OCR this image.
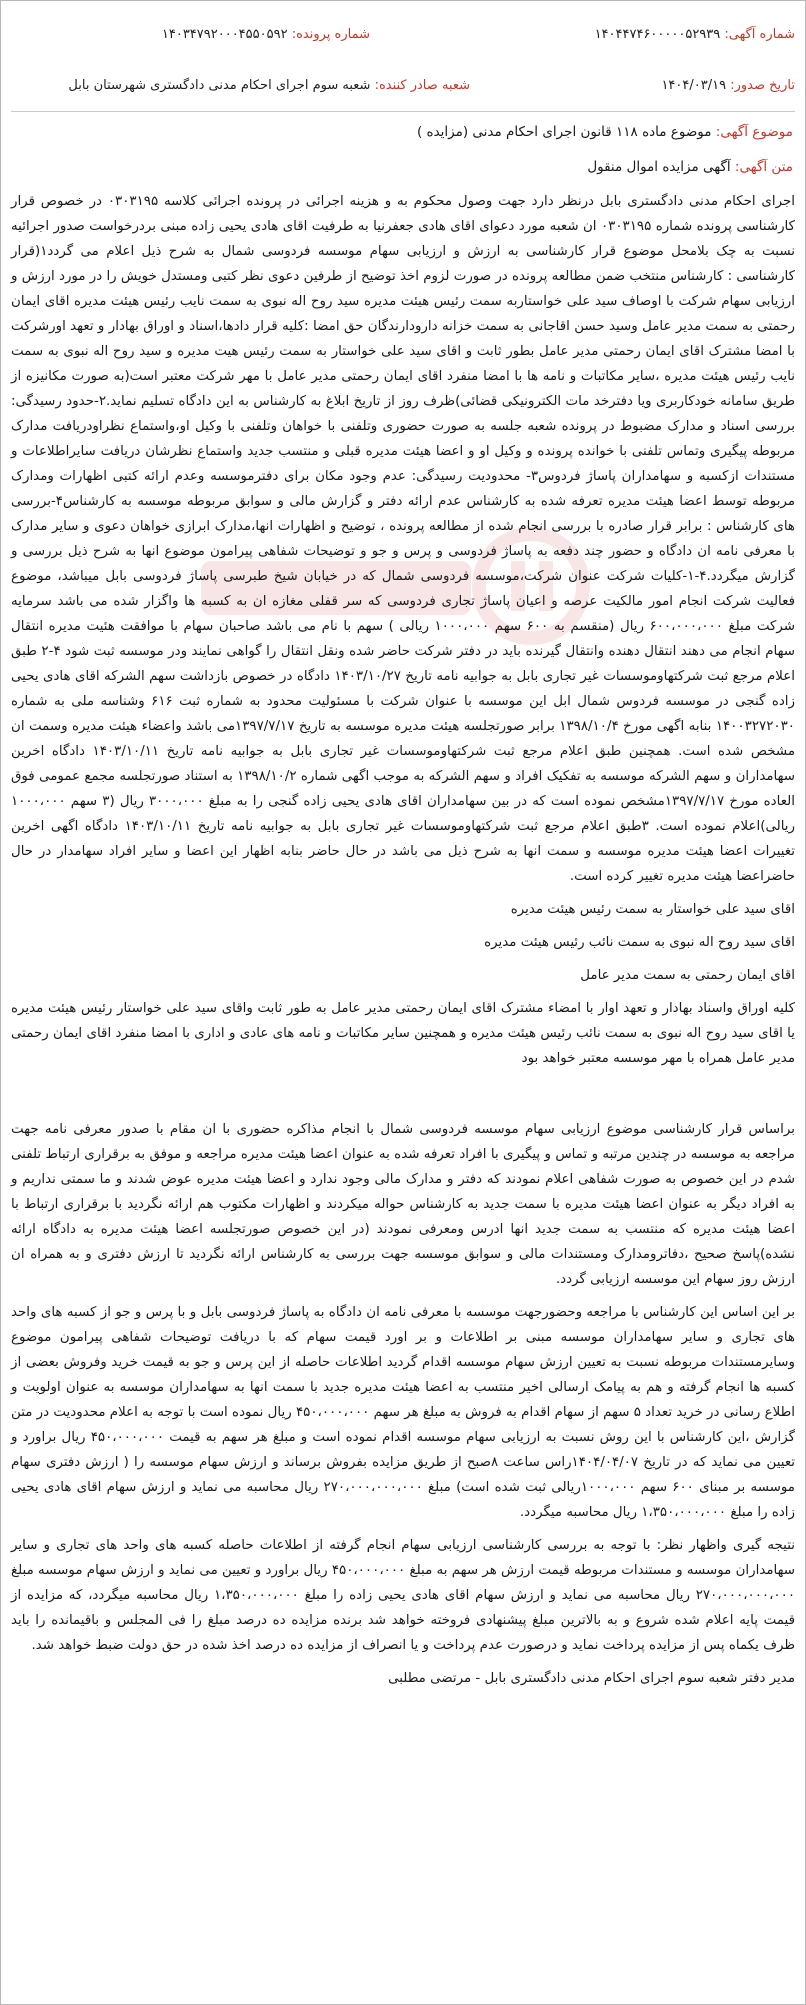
شماره آگهی: ۱۴۰۴۴۷۴۶۰۰۰۰۰۵۲۹۳۹
شماره پرونده: ۱۴۰۳۴۷۹۲۰۰۰۴۵۵۰۵۹۲
تاریخ صدور: ۱۴۰۴/۰۳/۱۹
شعبه صادر کننده: شعبه سوم اجرای احکام مدنی دادگستری شهرستان بابل
موضوع آگهی: موضوع ماده ۱۱۸ قانون اجرای احکام مدنی (مزایده )
متن آگهی: آگهی مزایده اموال منقول

اجرای احکام مدنی دادگستری بابل درنظر دارد جهت وصول محکوم به و هزینه اجرائی در پرونده اجرائی کلاسه ۰۳۰۳۱۹۵ در خصوص قرار کارشناسی پرونده شماره ۰۳۰۳۱۹۵ ان شعبه مورد دعوای اقای هادی جعفرنیا به طرفیت اقای هادی یحیی زاده مبنی بردرخواست صدور اجرائیه نسبت به چک بلامحل موضوع قرار کارشناسی به ارزش و ارزیابی سهام موسسه فردوسی شمال به شرح ذیل اعلام می گردد۱(قرار کارشناسی : کارشناس منتخب ضمن مطالعه پرونده در صورت لزوم اخذ توضیح از طرفین دعوی نظر کتبی ومستدل خویش را در مورد ارزش و ارزیابی سهام شرکت با اوصاف سید علی خواستاربه سمت رئیس هیئت مدیره سید روح اله نبوی به سمت نایب رئیس هیئت مدیره اقای ایمان رحمتی به سمت مدیر عامل وسید حسن اقاجانی به سمت خزانه دارودارندگان حق امضا :کلیه قرار دادها،اسناد و اوراق بهادار و تعهد اورشرکت با امضا مشترک اقای ایمان رحمتی مدیر عامل بطور ثابت و اقای سید علی خواستار به سمت رئیس هیت مدیره و سید روح اله نبوی به سمت نایب رئیس هیئت مدیره ،سایر مکاتبات و نامه ها با امضا منفرد اقای ایمان رحمتی مدیر عامل با مهر شرکت معتبر است(به صورت مکانیزه از طریق سامانه خودکاربری ویا دفترخد مات الکترونیکی قضائی)ظرف روز از تاریخ ابلاغ به کارشناس به این دادگاه تسلیم نماید.۲-حدود رسیدگی: بررسی اسناد و مدارک مضبوط در پرونده شعبه جلسه به صورت حضوری وتلفنی با خواهان وتلفنی با وکیل او،واستماع نظراودریافت مدارک مربوطه پیگیری وتماس تلفنی با خوانده پرونده و وکیل او و اعضا هیئت مدیره قبلی و منتسب جدید واستماع نظرشان دریافت سایراطلاعات و مستندات ازکسبه و سهامداران پاساژ فردوس۳- محدودیت رسیدگی: عدم وجود مکان برای دفترموسسه وعدم ارائه کتبی اظهارات ومدارک مربوطه توسط اعضا هیئت مدیره تعرفه شده به کارشناس عدم ارائه دفتر و گزارش مالی و سوابق مربوطه موسسه به کارشناس۴-بررسی های کارشناس : برابر قرار صادره با بررسی انجام شده از مطالعه پرونده ، توضیح و اظهارات انها،مدارک ابرازی خواهان دعوی و سایر مدارک با معرفی نامه ان دادگاه و حضور چند دفعه به پاساژ فردوسی و پرس و جو و توضیحات شفاهی پیرامون موضوع انها به شرح ذیل بررسی و گزارش میگردد.۴-۱-کلیات شرکت عنوان شرکت،موسسه فردوسی شمال که در خیابان شیخ طبرسی پاساژ فردوسی بابل میباشد، موضوع فعالیت شرکت انجام امور مالکیت عرصه و اعیان پاساژ تجاری فردوسی که سر قفلی مغازه ان به کسبه ها واگزار شده می باشد سرمایه شرکت مبلغ ۶۰۰،۰۰۰،۰۰۰ ریال (منقسم به ۶۰۰ سهم ۱۰۰۰،۰۰۰ ریالی ) سهم با نام می باشد صاحبان سهام با موافقت هئیت مدیره انتقال سهام انجام می دهند انتقال دهنده وانتقال گیرنده باید در دفتر شرکت حاضر شده ونقل انتقال را گواهی نمایند ودر موسسه ثبت شود ۴-۲ طبق اعلام مرجع ثبت شرکتهاوموسسات غیر تجاری بابل به جوابیه نامه تاریخ ۱۴۰۳/۱۰/۲۷ دادگاه در خصوص بازداشت سهم الشرکه اقای هادی یحیی زاده گنجی در موسسه فردوس شمال ابل این موسسه با عنوان شرکت با مسئولیت محدود به شماره ثبت ۶۱۶ وشناسه ملی به شماره ۱۴۰۰۳۲۷۲۰۳۰ بنابه اگهی مورخ ۱۳۹۸/۱۰/۴ برابر صورتجلسه هیئت مدیره موسسه به تاریخ ۱۳۹۷/۷/۱۷می باشد واعضاء هیئت مدیره وسمت ان مشخص شده است. همچنین طبق اعلام مرجع ثبت شرکتهاوموسسات غیر تجاری بابل به جوابیه نامه تاریخ ۱۴۰۳/۱۰/۱۱ دادگاه اخرین سهامداران و سهم الشرکه موسسه به تفکیک افراد و سهم الشرکه به موجب اگهی شماره ۱۳۹۸/۱۰/۲ به استناد صورتجلسه مجمع عمومی فوق العاده مورخ ۱۳۹۷/۷/۱۷مشخص نموده است که در بین سهامداران اقای هادی یحیی زاده گنجی را به مبلغ ۳۰۰۰،۰۰۰ ریال (۳ سهم ۱۰۰۰،۰۰۰ ریالی)اعلام نموده است. ۳طبق اعلام مرجع ثبت شرکتهاوموسسات غیر تجاری بابل به جوابیه نامه تاریخ ۱۴۰۳/۱۰/۱۱ دادگاه اگهی اخرین تغییرات اعضا هیئت مدیره موسسه و سمت انها به شرح ذیل می باشد در حال حاضر بنابه اظهار این اعضا و سایر افراد سهامدار در حال حاضراعضا هیئت مدیره تغییر کرده است.

اقای سید علی خواستار به سمت رئیس هیئت مدیره

اقای سید روح اله نبوی به سمت نائب رئیس هیئت مدیره

اقای ایمان رحمتی به سمت مدیر عامل

کلیه اوراق واسناد بهادار و تعهد اوار با امضاء مشترک اقای ایمان رحمتی مدیر عامل به طور ثابت واقای سید علی خواستار رئیس هیئت مدیره یا اقای سید روح اله نبوی به سمت نائب رئیس هیئت مدیره و همچنین سایر مکاتبات و نامه های عادی و اداری با امضا منفرد اقای ایمان رحمتی مدیر عامل همراه با مهر موسسه معتبر خواهد بود

براساس قرار کارشناسی موضوع ارزیابی سهام موسسه فردوسی شمال با انجام مذاکره حضوری با ان مقام با صدور معرفی نامه جهت مراجعه به موسسه در چندین مرتبه و تماس و پیگیری با افراد تعرفه شده به عنوان اعضا هیئت مدیره مراجعه و موفق به برقراری ارتباط تلفنی شدم در این خصوص به صورت شفاهی اعلام نمودند که دفتر و مدارک مالی وجود ندارد و اعضا هیئت مدیره عوض شدند و ما سمتی نداریم و به افراد دیگر به عنوان اعضا هیئت مدیره با سمت جدید به کارشناس حواله میکردند و اظهارات مکتوب هم ارائه نگردید با برقراری ارتباط با اعضا هیئت مدیره که منتسب به سمت جدید انها ادرس ومعرفی نمودند (در این خصوص صورتجلسه اعضا هیئت مدیره به دادگاه ارائه نشده)پاسخ صحیح ،دفاترومدارک ومستندات مالی و سوابق موسسه جهت بررسی به کارشناس ارائه نگردید تا ارزش دفتری و به همراه ان ارزش روز سهام این موسسه ارزیابی گردد.

بر این اساس این کارشناس با مراجعه وحضورجهت موسسه با معرفی نامه ان دادگاه به پاساژ فردوسی بابل و با پرس و جو از کسبه های واحد های تجاری و سایر سهامداران موسسه مبنی بر اطلاعات و بر اورد قیمت سهام که با دریافت توضیحات شفاهی پیرامون موضوع وسایرمستندات مربوطه نسبت به تعیین ارزش سهام موسسه اقدام گردید اطلاعات حاصله از این پرس و جو به قیمت خرید وفروش بعضی از کسبه ها انجام گرفته و هم به پیامک ارسالی اخیر منتسب به اعضا هیئت مدیره جدید با سمت انها به سهامداران موسسه به عنوان اولویت و اطلاع رسانی در خرید تعداد ۵ سهم از سهام اقدام به فروش به مبلغ هر سهم ۴۵۰،۰۰۰،۰۰۰ ریال نموده است با توجه به اعلام محدودیت در متن گزارش ،این کارشناس با این روش نسبت به ارزیابی سهام موسسه اقدام نموده است و مبلغ هر سهم به قیمت ۴۵۰،۰۰۰،۰۰۰ ریال براورد و تعیین می نماید که در تاریخ ۱۴۰۴/۰۴/۰۷راس ساعت ۸صبح از طریق مزایده بفروش برساند و ارزش سهام موسسه را ( ارزش دفتری سهام موسسه بر مبنای ۶۰۰ سهم ۱۰۰۰،۰۰۰ریالی ثبت شده است) مبلغ ۲۷۰،۰۰۰،۰۰۰،۰۰۰ ریال محاسبه می نماید و ارزش سهام اقای هادی یحیی زاده را مبلغ ۱،۳۵۰،۰۰۰،۰۰۰ ریال محاسبه میگردد.

نتیجه گیری واظهار نظر: با توجه به بررسی کارشناسی ارزیابی سهام انجام گرفته از اطلاعات حاصله کسبه های واحد های تجاری و سایر سهامداران موسسه و مستندات مربوطه قیمت ارزش هر سهم به مبلغ ۴۵۰،۰۰۰،۰۰۰ ریال براورد و تعیین می نماید و ارزش سهام موسسه مبلغ ۲۷۰،۰۰۰،۰۰۰،۰۰۰ ریال محاسبه می نماید و ارزش سهام اقای هادی یحیی زاده را مبلغ ۱،۳۵۰،۰۰۰،۰۰۰ ریال محاسبه میگردد، که مزایده از قیمت پایه اعلام شده شروع و به بالاترین مبلغ پیشنهادی فروخته خواهد شد برنده مزایده ده درصد مبلغ را فی المجلس و باقیمانده را باید ظرف یکماه پس از مزایده پرداخت نماید و درصورت عدم پرداخت و یا انصراف از مزایده ده درصد اخذ شده در حق دولت ضبط خواهد شد.

مدیر دفتر شعبه سوم اجرای احکام مدنی دادگستری بابل - مرتضی مطلبی
